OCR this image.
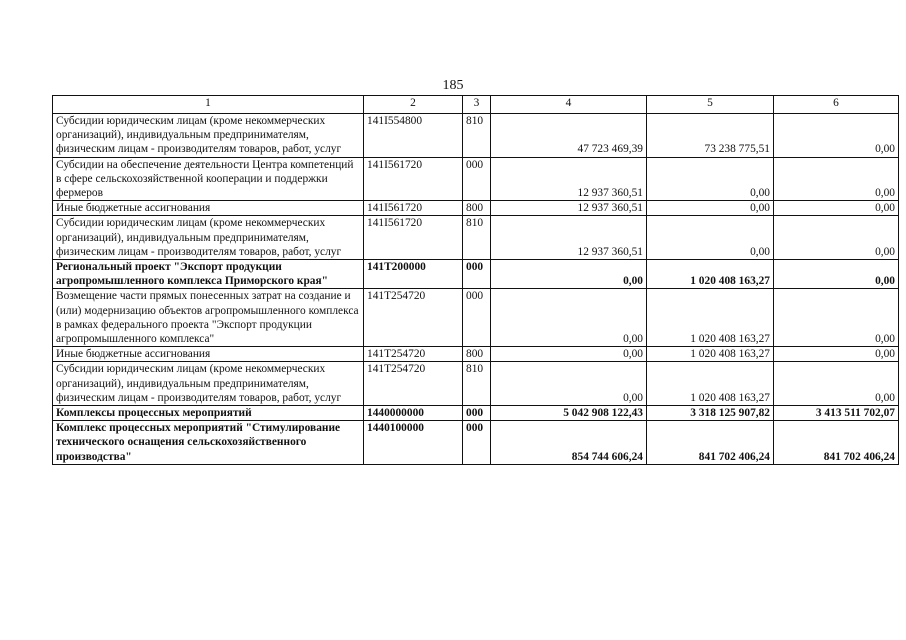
185
1	2	3	4	5	6
Субсидии юридическим лицам (кроме некоммерческих организаций), индивидуальным предпринимателям, физическим лицам - производителям товаров, работ, услуг	141I554800	810	47 723 469,39	73 238 775,51	0,00
Субсидии на обеспечение деятельности Центра компетенций в сфере сельскохозяйственной кооперации и поддержки фермеров	141I561720	000	12 937 360,51	0,00	0,00
Иные бюджетные ассигнования	141I561720	800	12 937 360,51	0,00	0,00
Субсидии юридическим лицам (кроме некоммерческих организаций), индивидуальным предпринимателям, физическим лицам - производителям товаров, работ, услуг	141I561720	810	12 937 360,51	0,00	0,00
Региональный проект "Экспорт продукции агропромышленного комплекса Приморского края"	141T200000	000	0,00	1 020 408 163,27	0,00
Возмещение части прямых понесенных затрат на создание и (или) модернизацию объектов агропромышленного комплекса в рамках федерального проекта "Экспорт продукции агропромышленного комплекса"	141T254720	000	0,00	1 020 408 163,27	0,00
Иные бюджетные ассигнования	141T254720	800	0,00	1 020 408 163,27	0,00
Субсидии юридическим лицам (кроме некоммерческих организаций), индивидуальным предпринимателям, физическим лицам - производителям товаров, работ, услуг	141T254720	810	0,00	1 020 408 163,27	0,00
Комплексы процессных мероприятий	1440000000	000	5 042 908 122,43	3 318 125 907,82	3 413 511 702,07
Комплекс процессных мероприятий "Стимулирование технического оснащения сельскохозяйственного производства"	1440100000	000	854 744 606,24	841 702 406,24	841 702 406,24
